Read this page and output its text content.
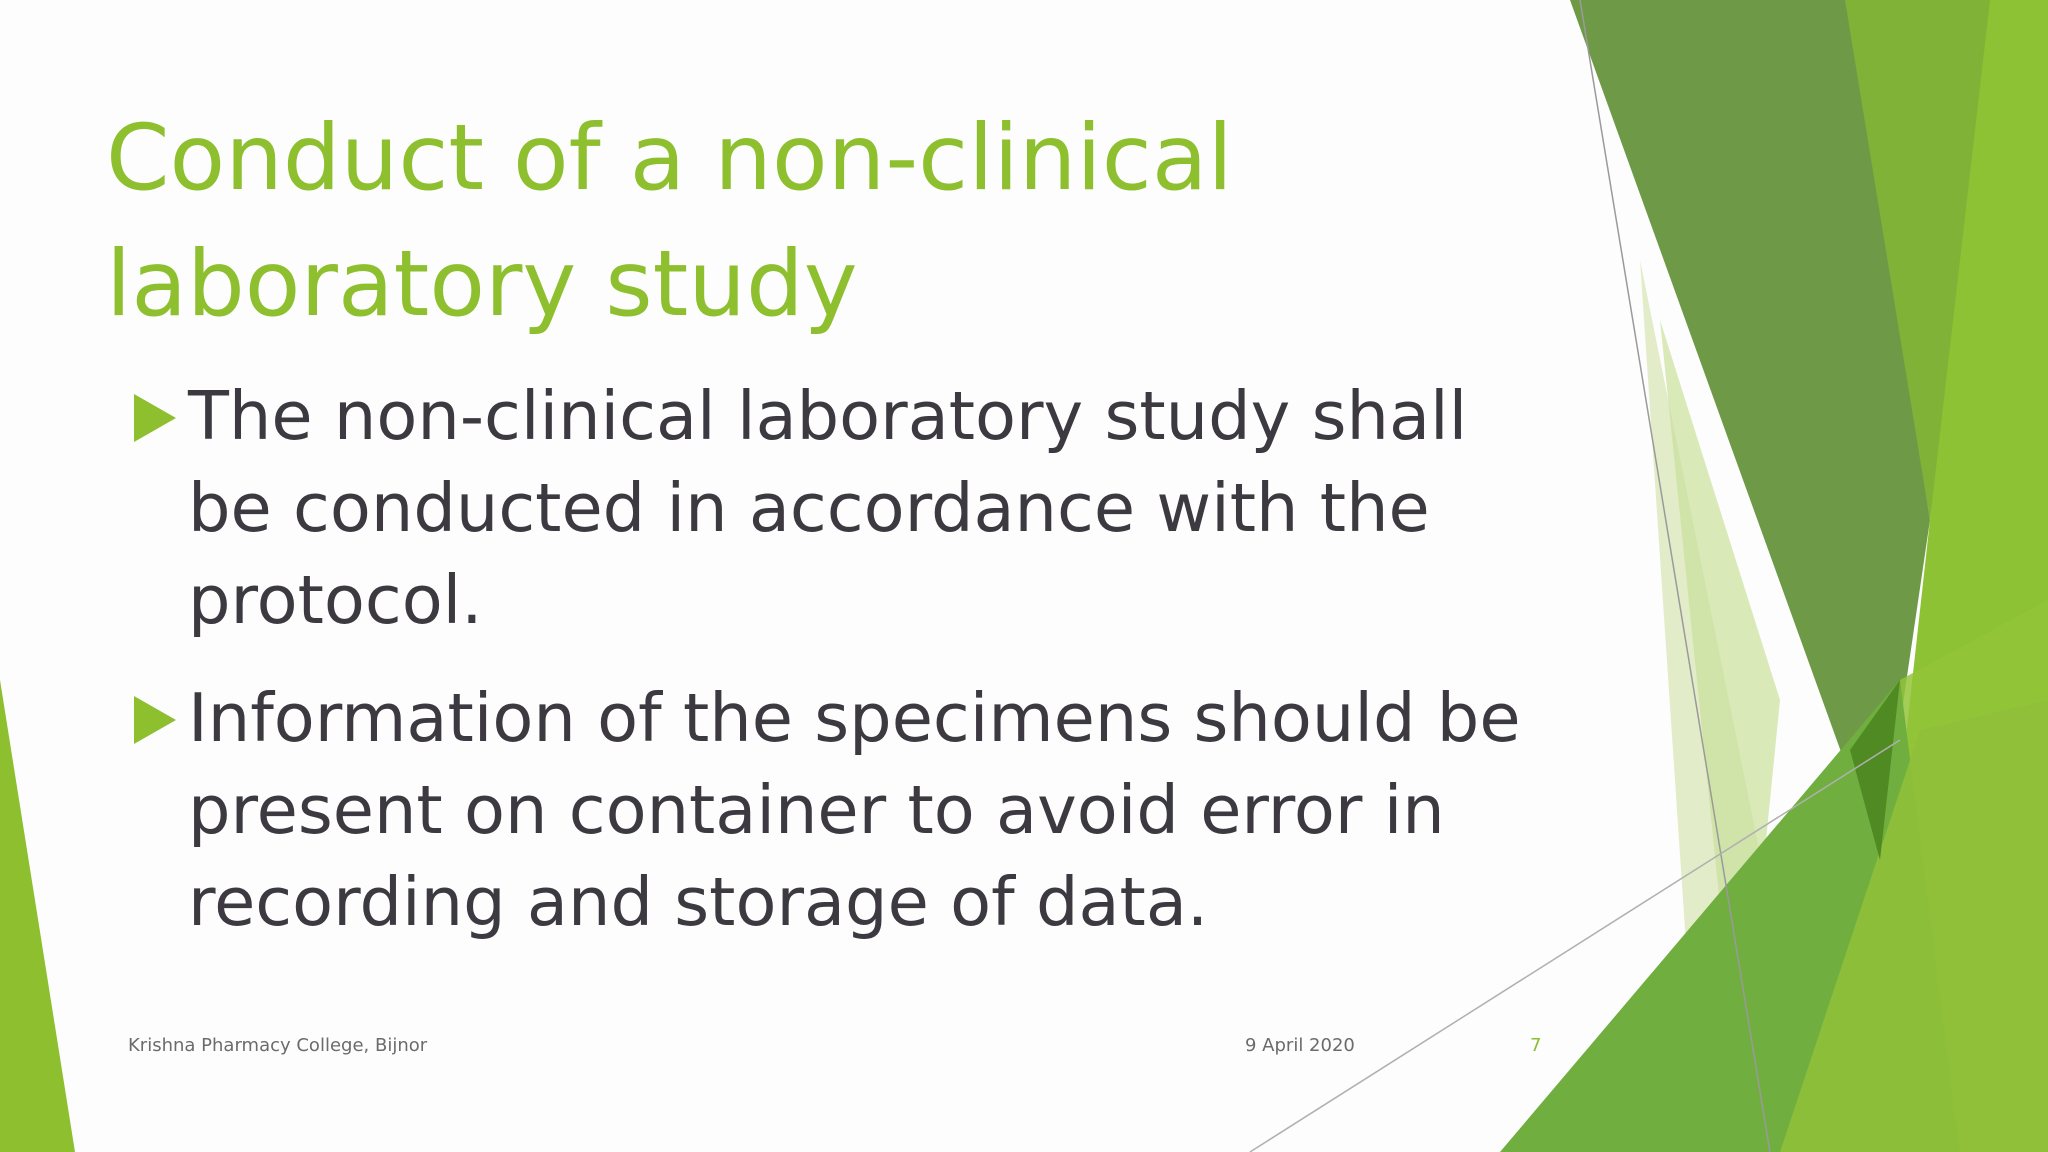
Conduct of a non-clinical laboratory study
The non-clinical laboratory study shall be conducted in accordance with the protocol.
Information of the specimens should be present on container to avoid error in recording and storage of data.
Krishna Pharmacy College, Bijnor	9 April 2020	7
